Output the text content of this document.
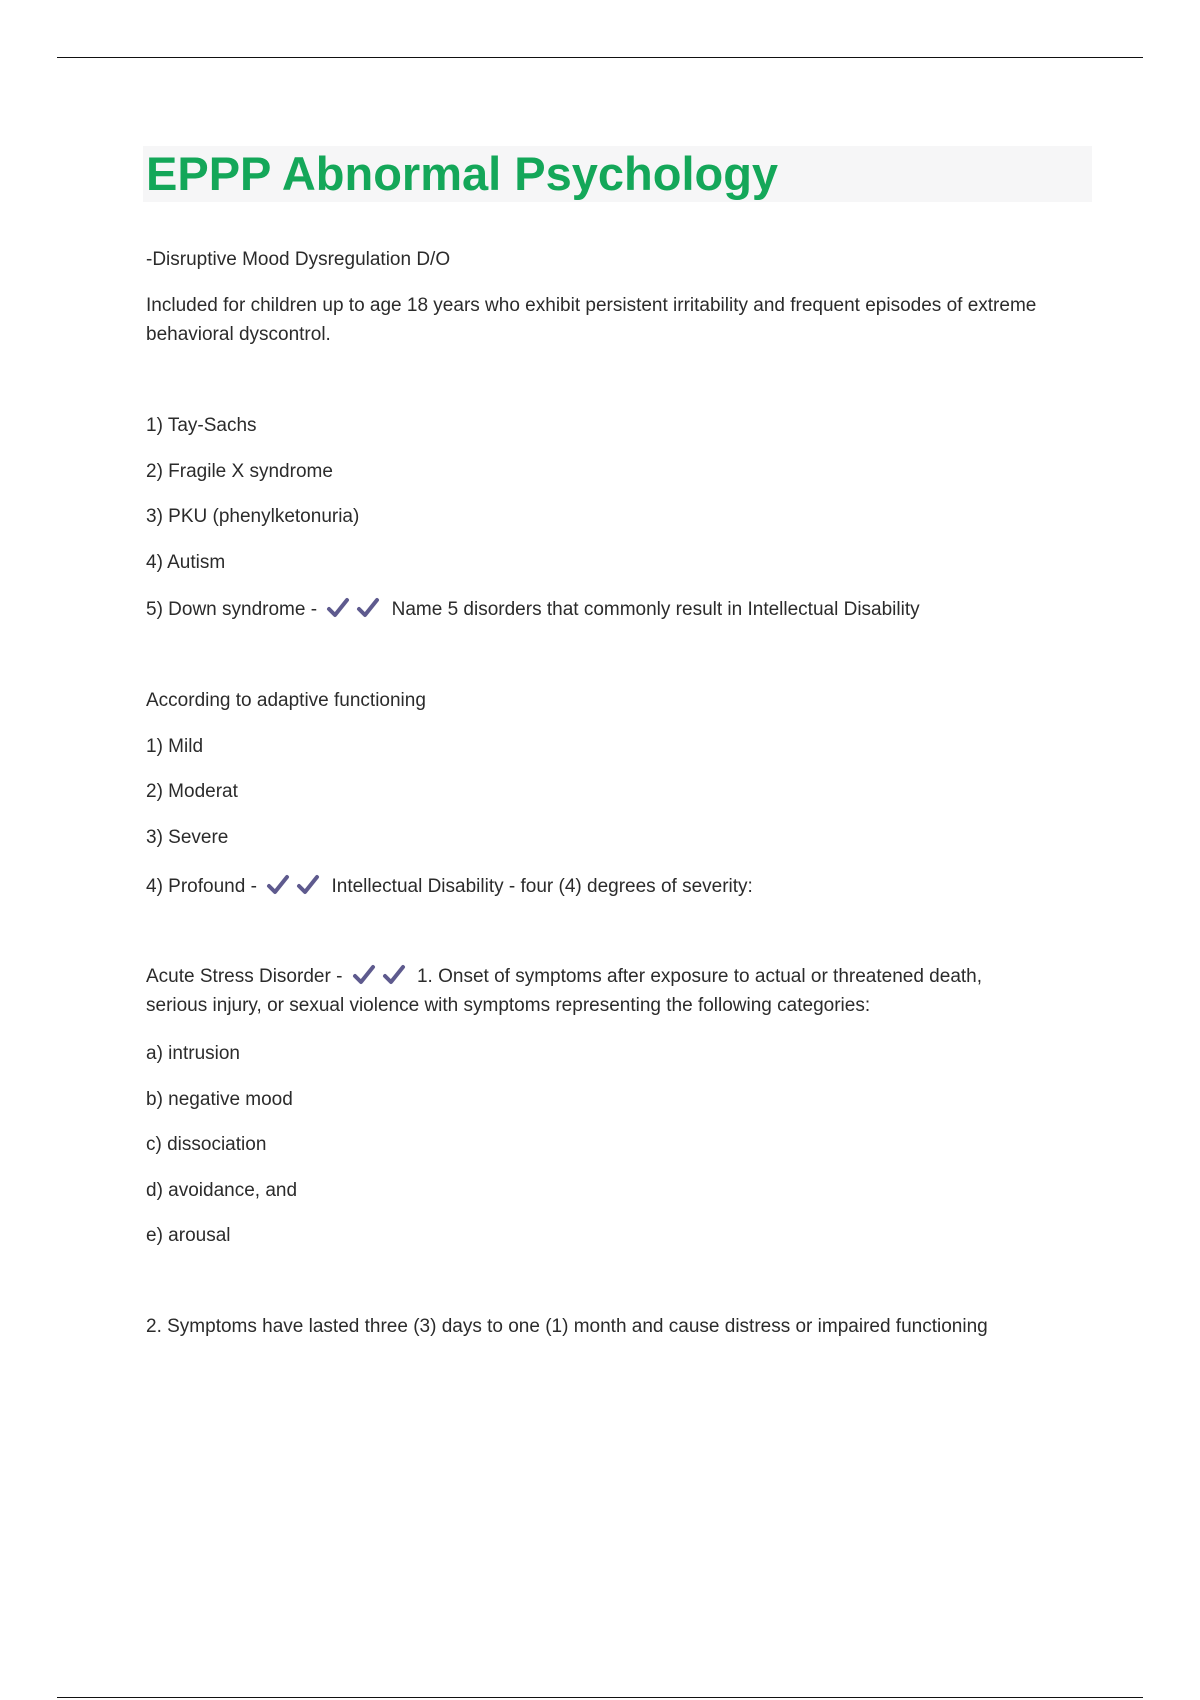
EPPP Abnormal Psychology
-Disruptive Mood Dysregulation D/O
Included for children up to age 18 years who exhibit persistent irritability and frequent episodes of extreme behavioral dyscontrol.
1) Tay-Sachs
2) Fragile X syndrome
3) PKU (phenylketonuria)
4) Autism
5) Down syndrome -	Name 5 disorders that commonly result in Intellectual Disability
According to adaptive functioning
1) Mild
2) Moderat
3) Severe
4) Profound -	Intellectual Disability - four (4) degrees of severity:
Acute Stress Disorder -	1. Onset of symptoms after exposure to actual or threatened death, serious injury, or sexual violence with symptoms representing the following categories:
a) intrusion
b) negative mood
c) dissociation
d) avoidance, and
e) arousal
2. Symptoms have lasted three (3) days to one (1) month and cause distress or impaired functioning
